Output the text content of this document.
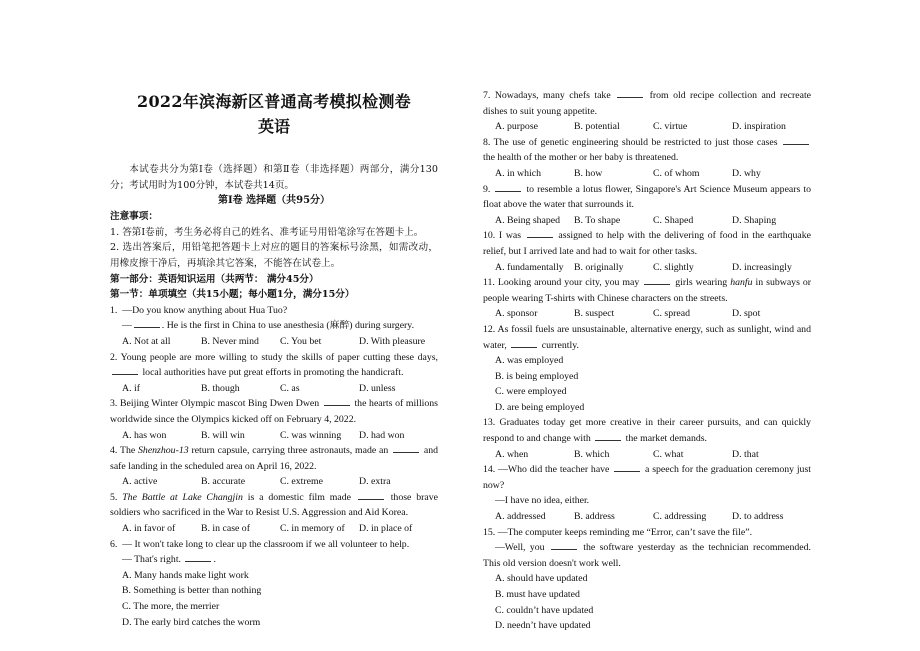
2022年滨海新区普通高考模拟检测卷
英语
本试卷共分为第Ⅰ卷（选择题）和第Ⅱ卷（非选择题）两部分，满分130分；考试用时为100分钟，本试卷共14页。
第Ⅰ卷 选择题（共95分）
注意事项：
1. 答第Ⅰ卷前，考生务必将自己的姓名、准考证号用铅笔涂写在答题卡上。
2. 选出答案后，用铅笔把答题卡上对应的题目的答案标号涂黑，如需改动，用橡皮擦干净后，再填涂其它答案，不能答在试卷上。
第一部分：英语知识运用（共两节： 满分45分）
第一节：单项填空（共15小题；每小题1分，满分15分）
1. —Do you know anything about Hua Tuo?
—	. He is the first in China to use anesthesia (麻醉) during surgery.
A. Not at all	B. Never mind	C. You bet	D. With pleasure
2. Young people are more willing to study the skills of paper cutting these days,  local authorities have put great efforts in promoting the handicraft.
A. if	B. though	C. as	D. unless
3. Beijing Winter Olympic mascot Bing Dwen Dwen	the hearts of millions worldwide since the Olympics kicked off on February 4, 2022.
A. has won	B. will win	C. was winning	D. had won
4. The Shenzhou-13 return capsule, carrying three astronauts, made an	and safe landing in the scheduled area on April 16, 2022.
A. active	B. accurate	C. extreme	D. extra
5. The Battle at Lake Changjin is a domestic film made	those brave soldiers who sacrificed in the War to Resist U.S. Aggression and Aid Korea.
A. in favor of	B. in case of	C. in memory of	D. in place of
6. — It won't take long to clear up the classroom if we all volunteer to help.
— That's right.	.
A. Many hands make light work
B. Something is better than nothing
C. The more, the merrier
D. The early bird catches the worm
7. Nowadays, many chefs take	from old recipe collection and recreate dishes to suit young appetite.
A. purpose	B. potential	C. virtue	D. inspiration
8. The use of genetic engineering should be restricted to just those cases  the health of the mother or her baby is threatened.
A. in which	B. how	C. of whom	D. why
9.	to resemble a lotus flower, Singapore's Art Science Museum appears to float above the water that surrounds it.
A. Being shaped	B. To shape	C. Shaped	D. Shaping
10. I was	assigned to help with the delivering of food in the earthquake relief, but I arrived late and had to wait for other tasks.
A. fundamentally	B. originally	C. slightly	D. increasingly
11. Looking around your city, you may	girls wearing hanfu in subways or people wearing T-shirts with Chinese characters on the streets.
A. sponsor	B. suspect	C. spread	D. spot
12. As fossil fuels are unsustainable, alternative energy, such as sunlight, wind and water,	currently.
A. was employed
B. is being employed
C. were employed
D. are being employed
13. Graduates today get more creative in their career pursuits, and can quickly respond to and change with	the market demands.
A. when	B. which	C. what	D. that
14. —Who did the teacher have	a speech for the graduation ceremony just now?
—I have no idea, either.
A. addressed	B. address	C. addressing	D. to address
15. —The computer keeps reminding me “Error, can’t save the file”.
—Well, you	the software yesterday as the technician recommended. This old version doesn't work well.
A. should have updated
B. must have updated
C. couldn’t have updated
D. needn’t have updated
